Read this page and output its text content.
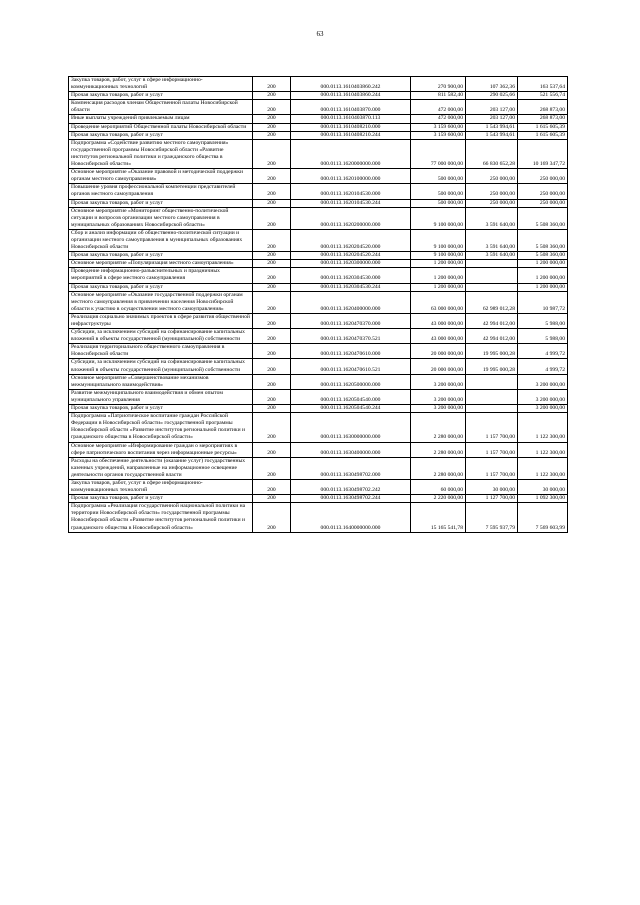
63
Закупка товаров, работ, услуг в сфере информационно-коммуникационных технологий	200	000.0113.1610403860.242	270 900,00	107 362,36	163 537,64
Прочая закупка товаров, работ и услуг	200	000.0113.1610403860.244	811 582,40	290 025,66	521 556,74
Компенсация расходов членам Общественной палаты Новосибирской области	200	000.0113.1610403870.000	472 000,00	203 127,00	268 873,00
Иные выплаты учреждений привлекаемым лицам	200	000.0113.1610403870.113	472 000,00	203 127,00	268 873,00
Проведение мероприятий Общественной палаты Новосибирской области	200	000.0113.1610408210.000	3 159 600,00	1 543 994,61	1 615 605,39
Прочая закупка товаров, работ и услуг	200	000.0113.1610408210.244	3 159 600,00	1 543 994,61	1 615 605,39
Подпрограмма «Содействие развитию местного самоуправления» государственной программы Новосибирской области «Развитие институтов региональной политики и гражданского общества в Новосибирской области»	200	000.0113.1620000000.000	77 000 000,00	66 830 652,28	10 169 347,72
Основное мероприятие «Оказание правовой и методической поддержки органам местного самоуправления»	200	000.0113.1620100000.000	500 000,00	250 000,00	250 000,00
Повышение уровня профессиональной компетенции представителей органов местного самоуправления	200	000.0113.1620104530.000	500 000,00	250 000,00	250 000,00
Прочая закупка товаров, работ и услуг	200	000.0113.1620104530.244	500 000,00	250 000,00	250 000,00
Основное мероприятие «Мониторинг общественно-политической ситуации и вопросов организации местного самоуправления в муниципальных образованиях Новосибирской области»	200	000.0113.1620200000.000	9 100 000,00	3 591 640,00	5 508 360,00
Сбор и анализ информации об общественно-политической ситуации и организации местного самоуправления в муниципальных образованиях Новосибирской области	200	000.0113.1620204520.000	9 100 000,00	3 591 640,00	5 508 360,00
Прочая закупка товаров, работ и услуг	200	000.0113.1620204520.244	9 100 000,00	3 591 640,00	5 508 360,00
Основное мероприятие «Популяризация местного самоуправления»	200	000.0113.1620300000.000	1 200 000,00		1 200 000,00
Проведение информационно-разъяснительных и праздничных мероприятий в сфере местного самоуправления	200	000.0113.1620304530.000	1 200 000,00		1 200 000,00
Прочая закупка товаров, работ и услуг	200	000.0113.1620304530.244	1 200 000,00		1 200 000,00
Основное мероприятие «Оказание государственной поддержки органам местного самоуправления в привлечении населения Новосибирской области к участию в осуществлении местного самоуправления»	200	000.0113.1620400000.000	63 000 000,00	62 989 012,28	10 987,72
Реализация социально значимых проектов в сфере развития общественной инфраструктуры	200	000.0113.1620470370.000	43 000 000,00	42 994 012,00	5 988,00
Субсидии, за исключением субсидий на софинансирование капитальных вложений в объекты государственной (муниципальной) собственности	200	000.0113.1620470370.521	43 000 000,00	42 994 012,00	5 988,00
Реализация территориального общественного самоуправления в Новосибирской области	200	000.0113.1620470610.000	20 000 000,00	19 995 000,28	4 999,72
Субсидии, за исключением субсидий на софинансирование капитальных вложений в объекты государственной (муниципальной) собственности	200	000.0113.1620470610.521	20 000 000,00	19 995 000,28	4 999,72
Основное мероприятие «Совершенствование механизмов межмуниципального взаимодействия»	200	000.0113.1620500000.000	3 200 000,00		3 200 000,00
Развитие межмуниципального взаимодействия и обмен опытом муниципального управления	200	000.0113.1620504540.000	3 200 000,00		3 200 000,00
Прочая закупка товаров, работ и услуг	200	000.0113.1620504540.244	3 200 000,00		3 200 000,00
Подпрограмма «Патриотическое воспитание граждан Российской Федерации в Новосибирской области» государственной программы Новосибирской области «Развитие институтов региональной политики и гражданского общества в Новосибирской области»	200	000.0113.1630000000.000	2 280 000,00	1 157 700,00	1 122 300,00
Основное мероприятие «Информирование граждан о мероприятиях в сфере патриотического воспитания через информационные ресурсы»	200	000.0113.1630400000.000	2 280 000,00	1 157 700,00	1 122 300,00
Расходы на обеспечение деятельности (оказание услуг) государственных казенных учреждений, направленные на информационное освещение деятельности органов государственной власти	200	000.0113.1630498702.000	2 280 000,00	1 157 700,00	1 122 300,00
Закупка товаров, работ, услуг в сфере информационно-коммуникационных технологий	200	000.0113.1630498702.242	60 000,00	30 000,00	30 000,00
Прочая закупка товаров, работ и услуг	200	000.0113.1630498702.244	2 220 000,00	1 127 700,00	1 092 300,00
Подпрограмма «Реализация государственной национальной политики на территории Новосибирской области» государственной программы Новосибирской области «Развитие институтов региональной политики и гражданского общества в Новосибирской области»	200	000.0113.1640000000.000	15 165 541,78	7 595 937,79	7 569 603,99
